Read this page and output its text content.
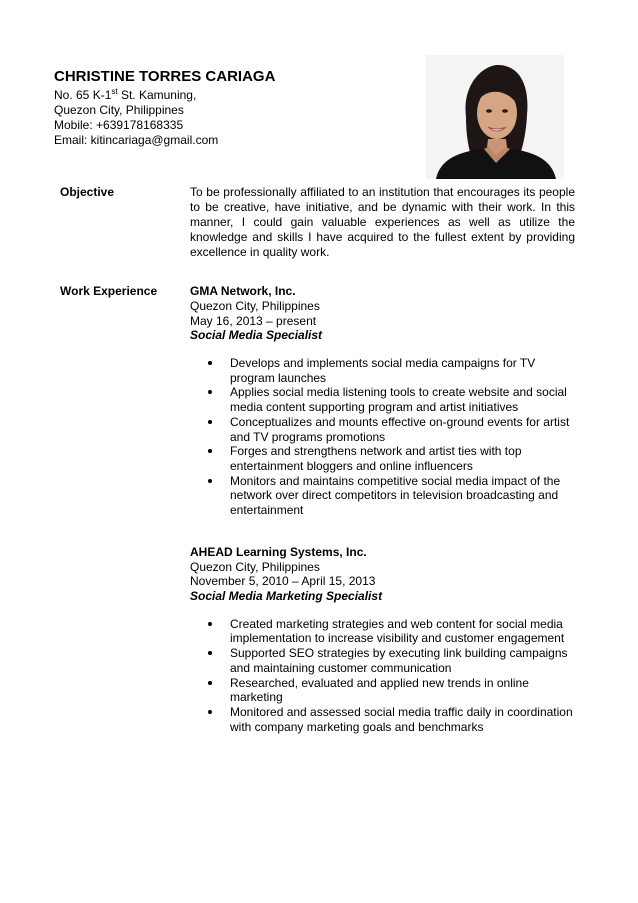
CHRISTINE TORRES CARIAGA
No. 65 K-1st St. Kamuning,
Quezon City, Philippines
Mobile: +639178168335
Email: kitincariaga@gmail.com
Objective	To be professionally affiliated to an institution that encourages its people to be creative, have initiative, and be dynamic with their work. In this manner, I could gain valuable experiences as well as utilize the knowledge and skills I have acquired to the fullest extent by providing excellence in quality work.

Work Experience	GMA Network, Inc.
Quezon City, Philippines
May 16, 2013 – present
Social Media Specialist
Develops and implements social media campaigns for TV program launches
Applies social media listening tools to create website and social media content supporting program and artist initiatives
Conceptualizes and mounts effective on-ground events for artist and TV programs promotions
Forges and strengthens network and artist ties with top entertainment bloggers and online influencers
Monitors and maintains competitive social media impact of the network over direct competitors in television broadcasting and entertainment
AHEAD Learning Systems, Inc.
Quezon City, Philippines
November 5, 2010 – April 15, 2013
Social Media Marketing Specialist
Created marketing strategies and web content for social media implementation to increase visibility and customer engagement
Supported SEO strategies by executing link building campaigns and maintaining customer communication
Researched, evaluated and applied new trends in online marketing
Monitored and assessed social media traffic daily in coordination with company marketing goals and benchmarks
